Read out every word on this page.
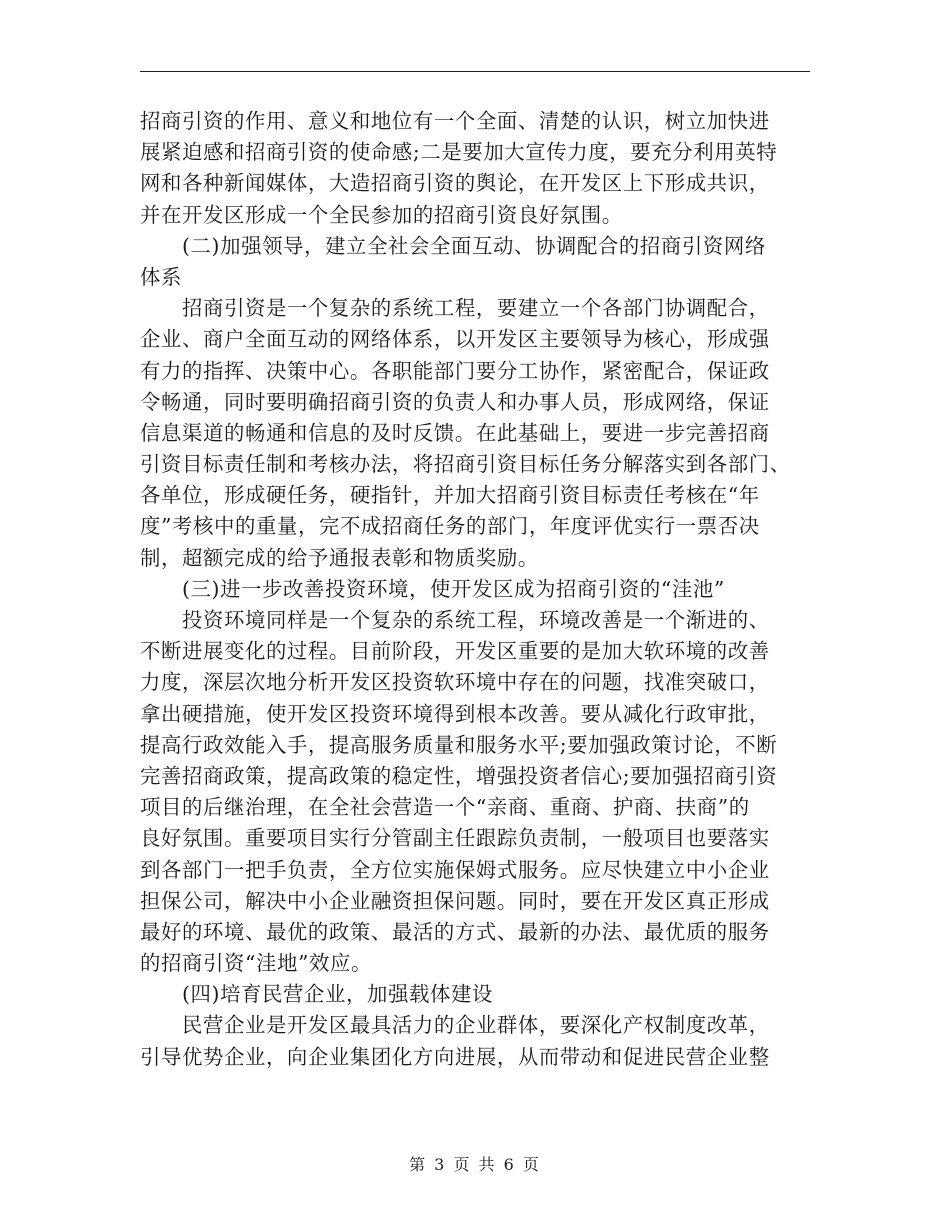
招商引资的作用、意义和地位有一个全面、清楚的认识，树立加快进
展紧迫感和招商引资的使命感;二是要加大宣传力度，要充分利用英特
网和各种新闻媒体，大造招商引资的舆论，在开发区上下形成共识，
并在开发区形成一个全民参加的招商引资良好氛围。
　　(二)加强领导，建立全社会全面互动、协调配合的招商引资网络
体系
　　招商引资是一个复杂的系统工程，要建立一个各部门协调配合，
企业、商户全面互动的网络体系，以开发区主要领导为核心，形成强
有力的指挥、决策中心。各职能部门要分工协作，紧密配合，保证政
令畅通，同时要明确招商引资的负责人和办事人员，形成网络，保证
信息渠道的畅通和信息的及时反馈。在此基础上，要进一步完善招商
引资目标责任制和考核办法，将招商引资目标任务分解落实到各部门、
各单位，形成硬任务，硬指针，并加大招商引资目标责任考核在“年
度”考核中的重量，完不成招商任务的部门，年度评优实行一票否决
制，超额完成的给予通报表彰和物质奖励。
　　(三)进一步改善投资环境，使开发区成为招商引资的“洼池”
　　投资环境同样是一个复杂的系统工程，环境改善是一个渐进的、
不断进展变化的过程。目前阶段，开发区重要的是加大软环境的改善
力度，深层次地分析开发区投资软环境中存在的问题，找准突破口，
拿出硬措施，使开发区投资环境得到根本改善。要从减化行政审批，
提高行政效能入手，提高服务质量和服务水平;要加强政策讨论，不断
完善招商政策，提高政策的稳定性，增强投资者信心;要加强招商引资
项目的后继治理，在全社会营造一个“亲商、重商、护商、扶商”的
良好氛围。重要项目实行分管副主任跟踪负责制，一般项目也要落实
到各部门一把手负责，全方位实施保姆式服务。应尽快建立中小企业
担保公司，解决中小企业融资担保问题。同时，要在开发区真正形成
最好的环境、最优的政策、最活的方式、最新的办法、最优质的服务
的招商引资“洼地”效应。
　　(四)培育民营企业，加强载体建设
　　民营企业是开发区最具活力的企业群体，要深化产权制度改革，
引导优势企业，向企业集团化方向进展，从而带动和促进民营企业整
第 3 页 共 6 页
